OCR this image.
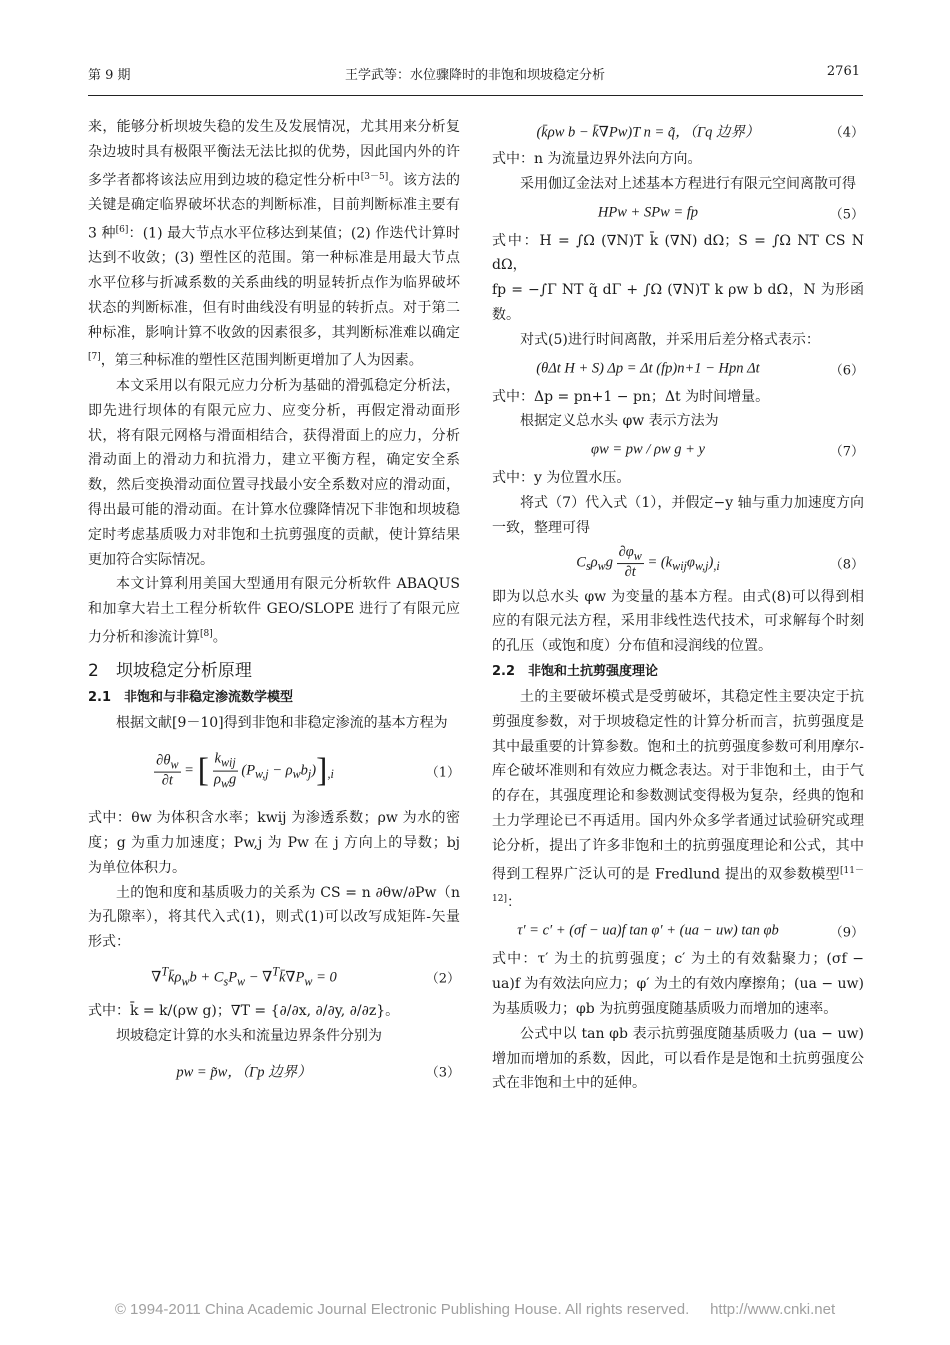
第 9 期	王学武等：水位骤降时的非饱和坝坡稳定分析	2761

来，能够分析坝坡失稳的发生及发展情况，尤其用来分析复杂边坡时具有极限平衡法无法比拟的优势，因此国内外的许多学者都将该法应用到边坡的稳定性分析中[3－5]。该方法的关键是确定临界破坏状态的判断标准，目前判断标准主要有 3 种[6]：(1) 最大节点水平位移达到某值；(2) 作迭代计算时达到不收敛；(3) 塑性区的范围。第一种标准是用最大节点水平位移与折减系数的关系曲线的明显转折点作为临界破坏状态的判断标准，但有时曲线没有明显的转折点。对于第二种标准，影响计算不收敛的因素很多，其判断标准难以确定[7]，第三种标准的塑性区范围判断更增加了人为因素。

本文采用以有限元应力分析为基础的滑弧稳定分析法，即先进行坝体的有限元应力、应变分析，再假定滑动面形状，将有限元网格与滑面相结合，获得滑面上的应力，分析滑动面上的滑动力和抗滑力，建立平衡方程，确定安全系数，然后变换滑动面位置寻找最小安全系数对应的滑动面，得出最可能的滑动面。在计算水位骤降情况下非饱和坝坡稳定时考虑基质吸力对非饱和土抗剪强度的贡献，使计算结果更加符合实际情况。

本文计算利用美国大型通用有限元分析软件 ABAQUS 和加拿大岩土工程分析软件 GEO/SLOPE 进行了有限元应力分析和渗流计算[8]。

2　坝坡稳定分析原理
2.1　非饱和与非稳定渗流数学模型

根据文献[9－10]得到非饱和非稳定渗流的基本方程为

$\frac{\partial\theta_w}{\partial t}$ = [ $\frac{k_{wij}}{\rho_wg} (P_{w,j} - \rho_wb_j)]_{,i}$	（1）

式中：θw 为体积含水率；kwij 为渗透系数；ρw 为水的密度；g 为重力加速度；Pw,j 为 Pw 在 j 方向上的导数；bj 为单位体积力。

土的饱和度和基质吸力的关系为 CS = n ∂θw/∂Pw（n 为孔隙率），将其代入式(1)，则式(1)可以改写成矩阵-矢量形式：

$\nabla^Tk̄\rho_wb + C_sP_w$ − $\nabla^Tk̄\nabla P_w = 0$	（2）

式中：k̄ = k/(ρw g)；∇T = {∂/∂x, ∂/∂y, ∂/∂z}。

坝坡稳定计算的水头和流量边界条件分别为

pw = p̃w，（Γp 边界）	（3）
(k̄ρw b − k̄∇Pw)T n = q̃，（Γq 边界）	（4）

式中：n 为流量边界外法向方向。

采用伽辽金法对上述基本方程进行有限元空间离散可得

HPw + SPw = fp	（5）

式中：H = ∫Ω (∇N)T k̄ (∇N) dΩ；S = ∫Ω NT CS N dΩ，

fp = −∫Γ NT q̃ dΓ + ∫Ω (∇N)T k ρw b dΩ，N 为形函数。

对式(5)进行时间离散，并采用后差分格式表示：

(θΔt H + S) Δp = Δt (fp)n+1 − Hpn Δt	（6）

式中：Δp = pn+1 − pn；Δt 为时间增量。

根据定义总水头 φw 表示方法为

φw = pw / ρw g + y	（7）

式中：y 为位置水压。

将式（7）代入式（1），并假定−y 轴与重力加速度方向一致，整理可得

$C_s\rho_wg \frac{\partial\varphi_w}{\partial t} = (k_{wij}\varphi_{w,j})_{,i}$	（8）

即为以总水头 φw 为变量的基本方程。由式(8)可以得到相应的有限元法方程，采用非线性迭代技术，可求解每个时刻的孔压（或饱和度）分布值和浸润线的位置。

2.2　非饱和土抗剪强度理论

土的主要破坏模式是受剪破坏，其稳定性主要决定于抗剪强度参数，对于坝坡稳定性的计算分析而言，抗剪强度是其中最重要的计算参数。饱和土的抗剪强度参数可利用摩尔-库仑破坏准则和有效应力概念表达。对于非饱和土，由于气的存在，其强度理论和参数测试变得极为复杂，经典的饱和土力学理论已不再适用。国内外众多学者通过试验研究或理论分析，提出了许多非饱和土的抗剪强度理论和公式，其中得到工程界广泛认可的是 Fredlund 提出的双参数模型[11－12]：

τ′ = c′ + (σf − ua)f tan φ′ + (ua − uw) tan φb	（9）

式中：τ′ 为土的抗剪强度；c′ 为土的有效黏聚力；(σf − ua)f 为有效法向应力；φ′ 为土的有效内摩擦角；(ua − uw) 为基质吸力；φb 为抗剪强度随基质吸力而增加的速率。

公式中以 tan φb 表示抗剪强度随基质吸力 (ua − uw) 增加而增加的系数，因此，可以看作是是饱和土抗剪强度公式在非饱和土中的延伸。

© 1994-2011 China Academic Journal Electronic Publishing House. All rights reserved. http://www.cnki.net
